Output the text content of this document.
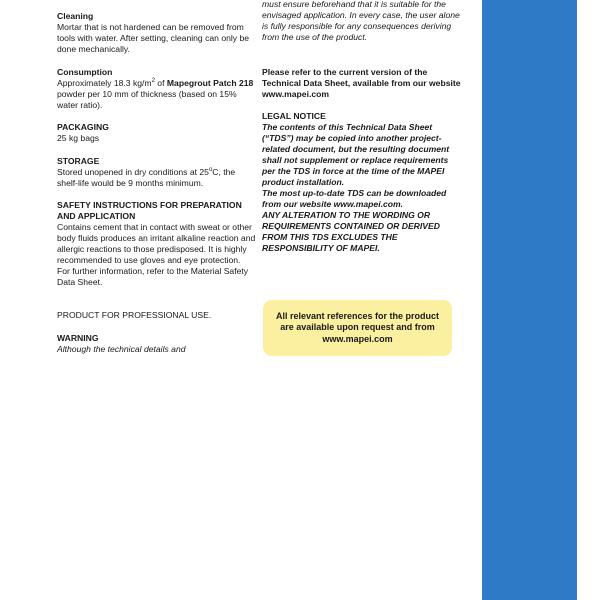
Cleaning

Mortar that is not hardened can be removed from tools with water. After setting, cleaning can only be done mechanically.

Consumption

Approximately 18.3 $kg/m^2$ of Mapegrout Patch 218 powder per 10 mm of thickness (based on 15% water ratio).

PACKAGING

25 kg bags

STORAGE

Stored unopened in dry conditions at 25$^o$C, the shelf-life would be 9 months minimum.

SAFETY INSTRUCTIONS FOR PREPARATION AND APPLICATION

Contains cement that in contact with sweat or other body fluids produces an irritant alkaline reaction and allergic reactions to those predisposed. It is highly recommended to use gloves and eye protection.

For further information, refer to the Material Safety Data Sheet.

PRODUCT FOR PROFESSIONAL USE.

WARNING

Although the technical details and

must ensure beforehand that it is suitable for the envisaged application. In every case, the user alone is fully responsible for any consequences deriving from the use of the product.

Please refer to the current version of the Technical Data Sheet, available from our website www.mapei.com

LEGAL NOTICE

The contents of this Technical Data Sheet (“TDS”) may be copied into another project-related document, but the resulting document shall not supplement or replace requirements per the TDS in force at the time of the MAPEI product installation.

The most up-to-date TDS can be downloaded from our website www.mapei.com.

ANY ALTERATION TO THE WORDING OR REQUIREMENTS CONTAINED OR DERIVED FROM THIS TDS EXCLUDES THE RESPONSIBILITY OF MAPEI.

All relevant references for the product are available upon request and from www.mapei.com
